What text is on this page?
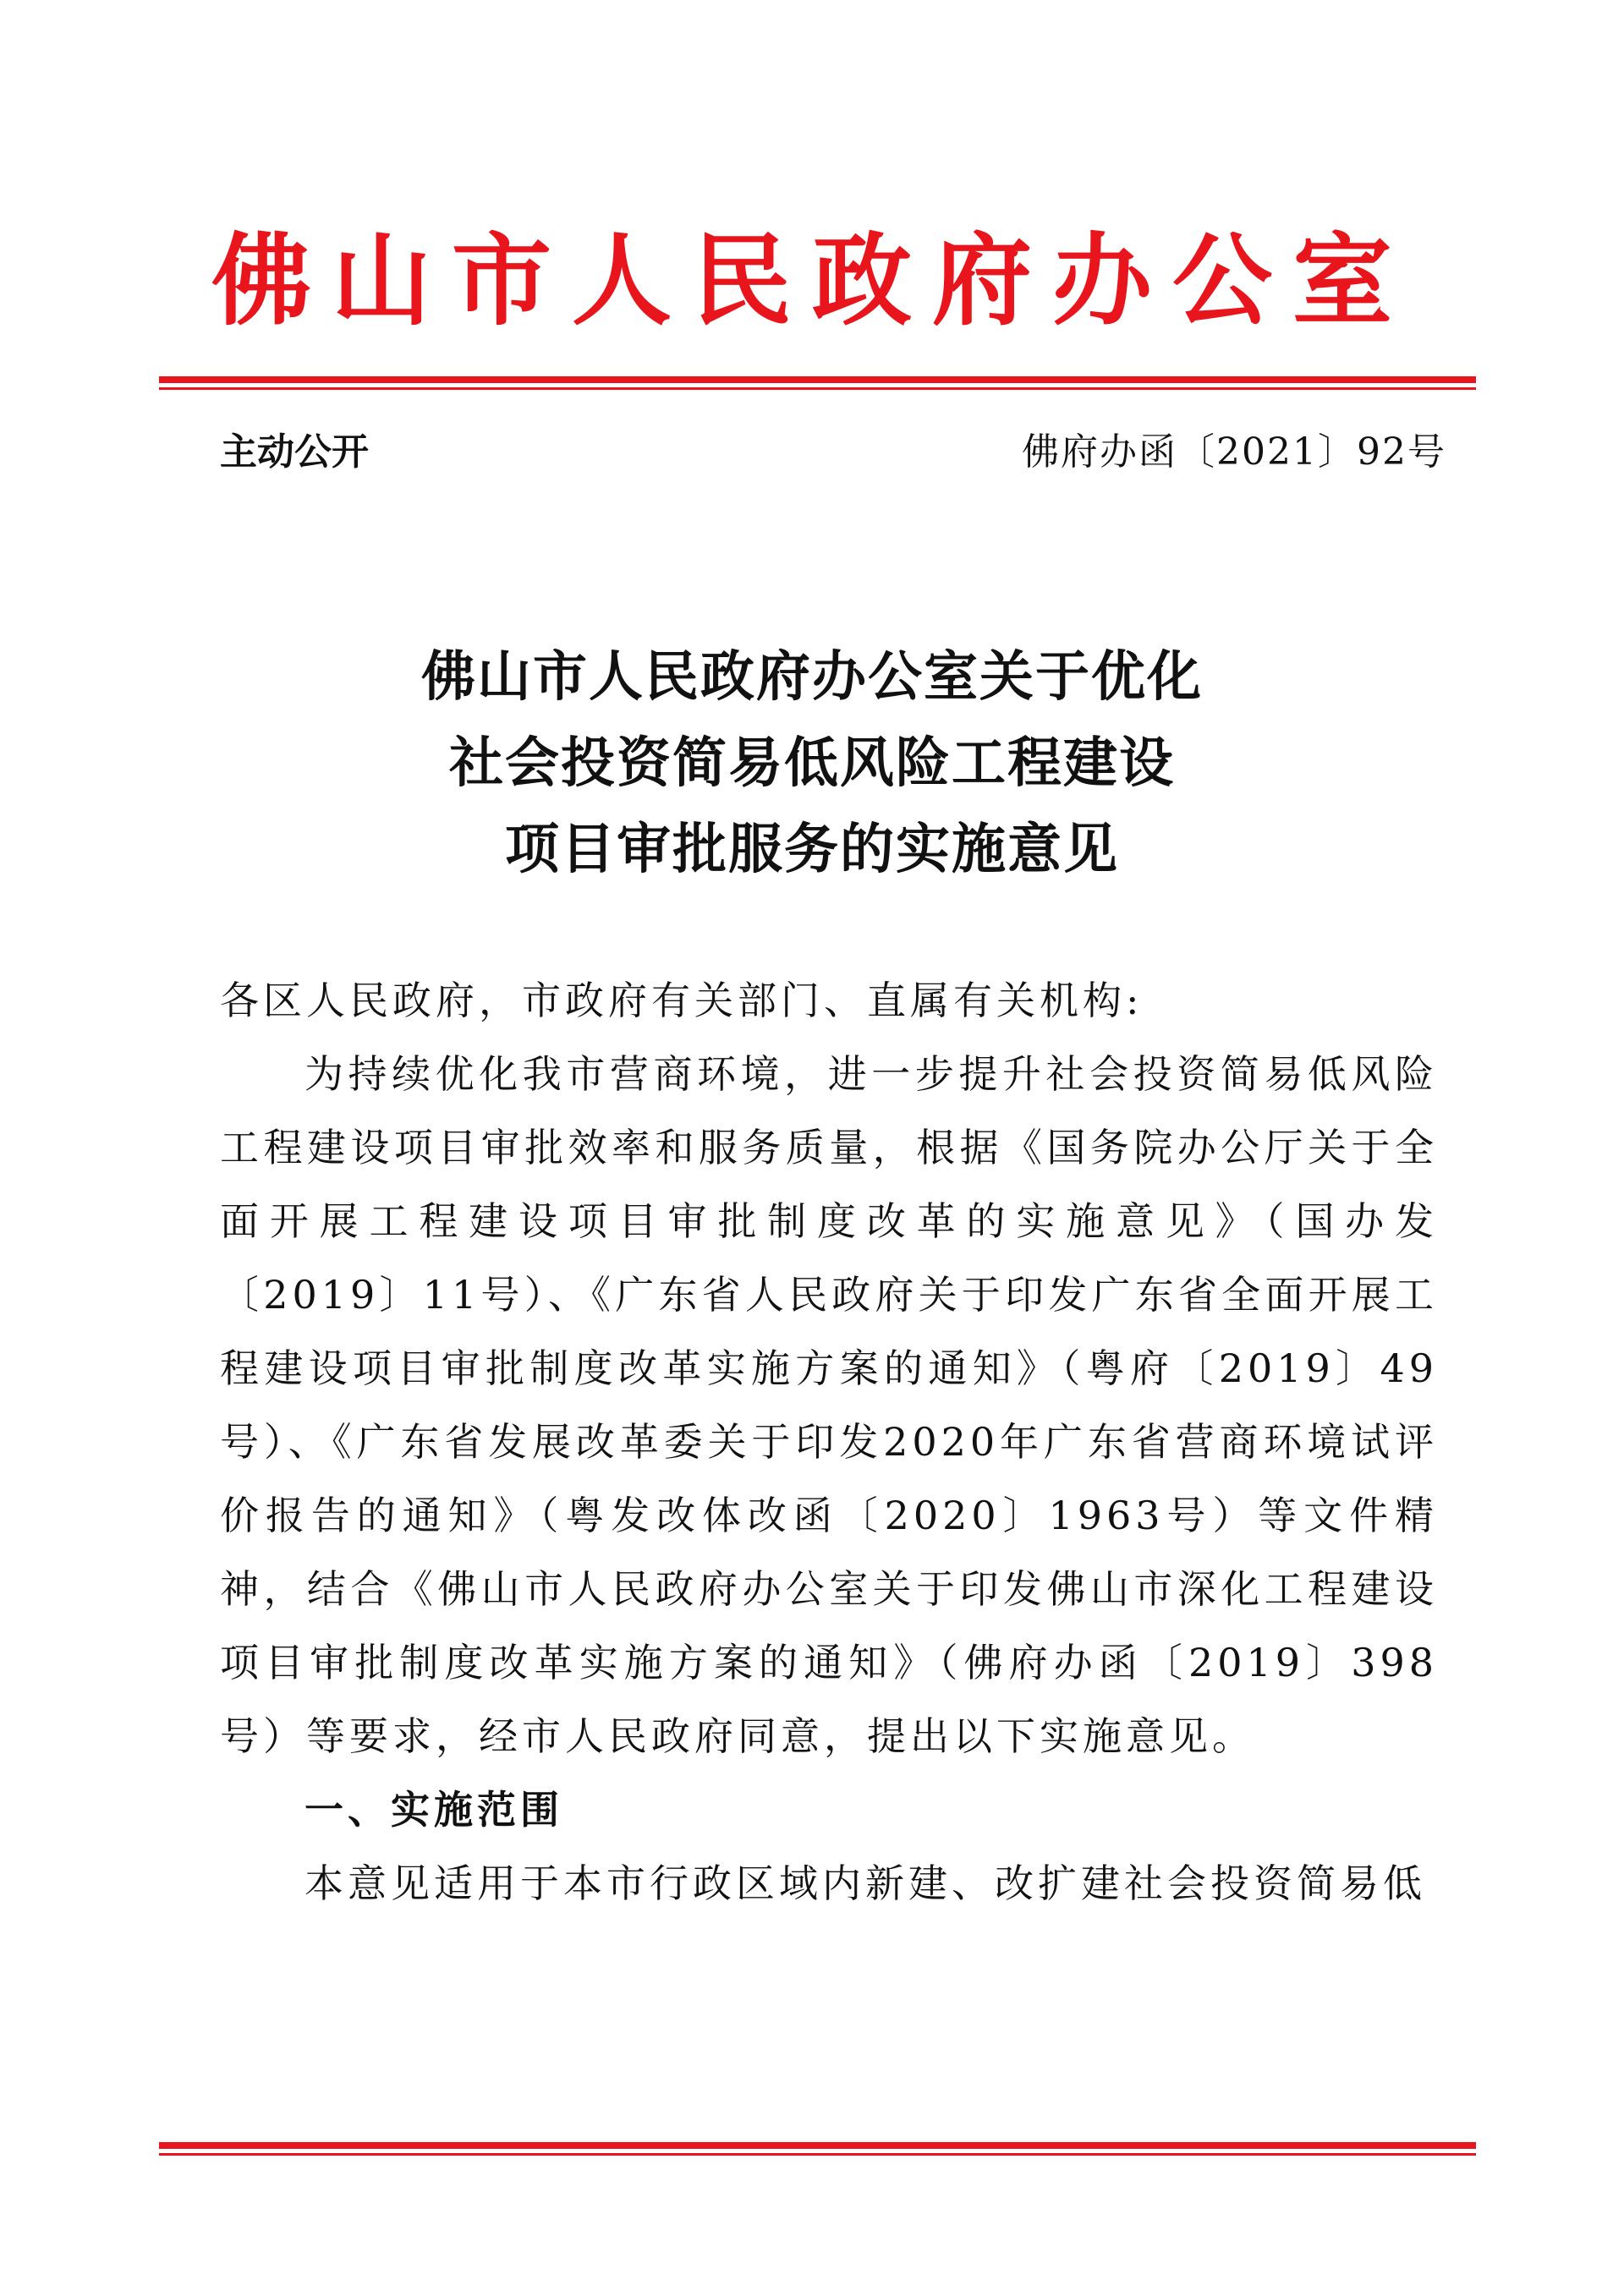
佛山市人民政府办公室
主动公开	佛府办函〔2021〕92号
佛山市人民政府办公室关于优化
社会投资简易低风险工程建设
项目审批服务的实施意见

各区人民政府，市政府有关部门、直属有关机构:

为持续优化我市营商环境，进一步提升社会投资简易低风险工程建设项目审批效率和服务质量，根据《国务院办公厅关于全面开展工程建设项目审批制度改革的实施意见》（国办发〔2019〕11号）、《广东省人民政府关于印发广东省全面开展工程建设项目审批制度改革实施方案的通知》（粤府〔2019〕49号）、《广东省发展改革委关于印发2020年广东省营商环境试评价报告的通知》（粤发改体改函〔2020〕1963号）等文件精神，结合《佛山市人民政府办公室关于印发佛山市深化工程建设项目审批制度改革实施方案的通知》（佛府办函〔2019〕398号）等要求，经市人民政府同意，提出以下实施意见。

一、实施范围

本意见适用于本市行政区域内新建、改扩建社会投资简易低
